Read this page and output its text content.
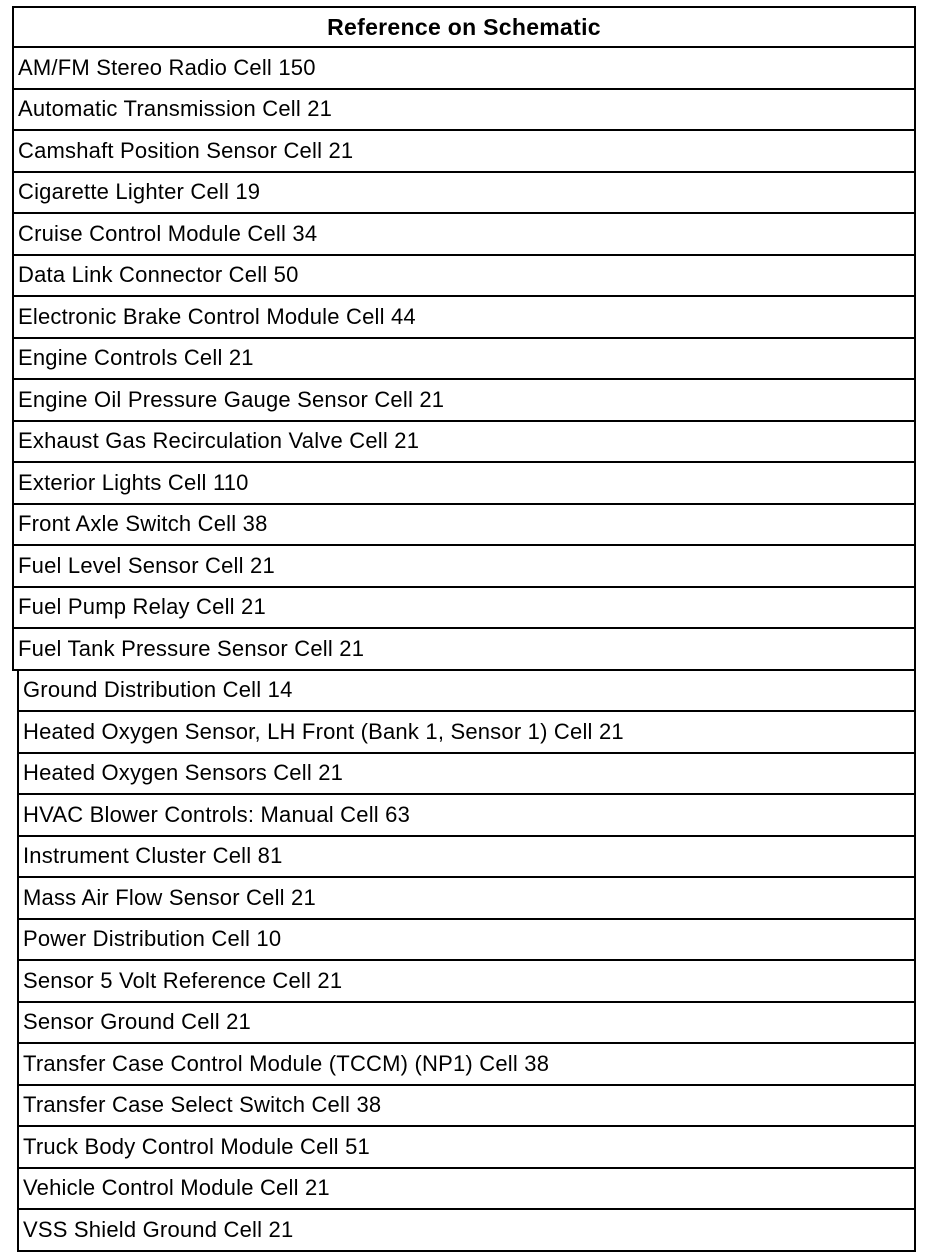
Reference on Schematic
AM/FM Stereo Radio Cell 150
Automatic Transmission Cell 21
Camshaft Position Sensor Cell 21
Cigarette Lighter Cell 19
Cruise Control Module Cell 34
Data Link Connector Cell 50
Electronic Brake Control Module Cell 44
Engine Controls Cell 21
Engine Oil Pressure Gauge Sensor Cell 21
Exhaust Gas Recirculation Valve Cell 21
Exterior Lights Cell 110
Front Axle Switch Cell 38
Fuel Level Sensor Cell 21
Fuel Pump Relay Cell 21
Fuel Tank Pressure Sensor Cell 21
Ground Distribution Cell 14
Heated Oxygen Sensor, LH Front (Bank 1, Sensor 1) Cell 21
Heated Oxygen Sensors Cell 21
HVAC Blower Controls: Manual Cell 63
Instrument Cluster Cell 81
Mass Air Flow Sensor Cell 21
Power Distribution Cell 10
Sensor 5 Volt Reference Cell 21
Sensor Ground Cell 21
Transfer Case Control Module (TCCM) (NP1) Cell 38
Transfer Case Select Switch Cell 38
Truck Body Control Module Cell 51
Vehicle Control Module Cell 21
VSS Shield Ground Cell 21
